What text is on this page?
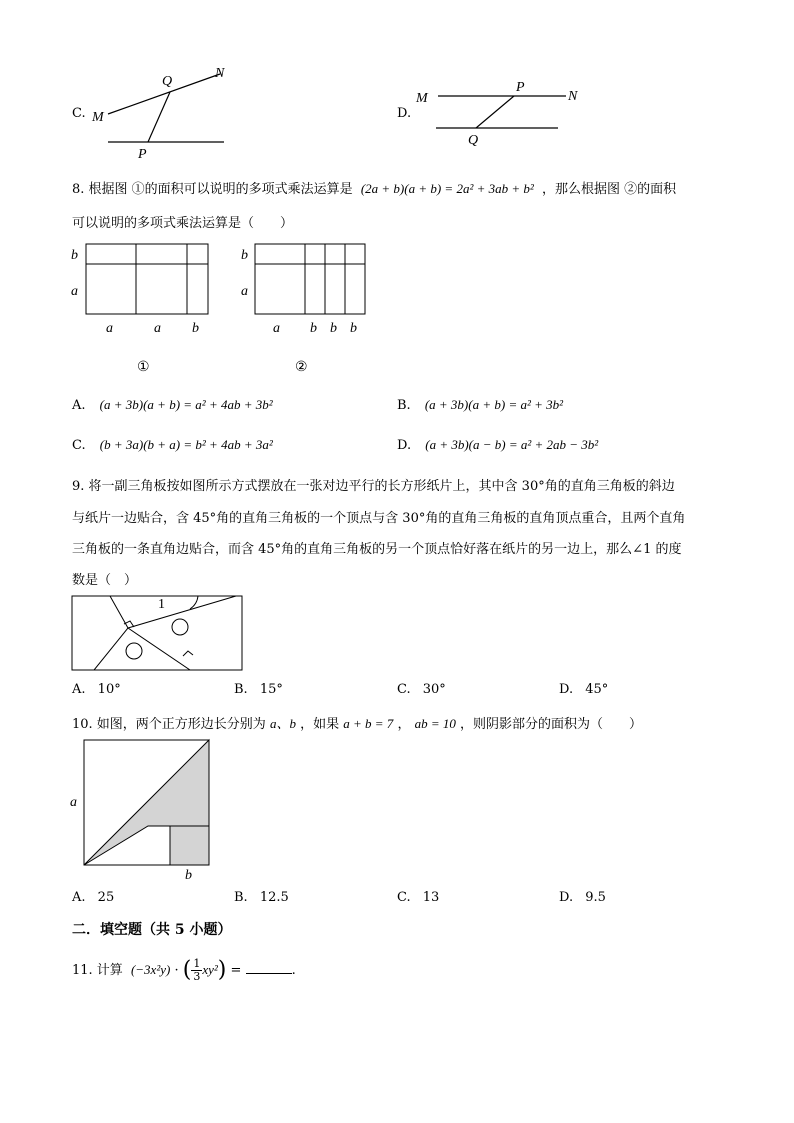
C. M
Q
N
P
D.
M
P
N
Q
8. 根据图 ①的面积可以说明的多项式乘法运算是 (2a + b)(a + b) = 2a² + 3ab + b² ，那么根据图 ②的面积
可以说明的多项式乘法运算是（　　）
b
a
a	a b
①
b
a
a b b b
②
A. (a + 3b)(a + b) = a² + 4ab + 3b²	B. (a + 3b)(a + b) = a² + 3b²
C. (b + 3a)(b + a) = b² + 4ab + 3a²	D. (a + 3b)(a − b) = a² + 2ab − 3b²
9. 将一副三角板按如图所示方式摆放在一张对边平行的长方形纸片上，其中含 30°角的直角三角板的斜边
与纸片一边贴合，含 45°角的直角三角板的一个顶点与含 30°角的直角三角板的直角顶点重合，且两个直角
三角板的一条直角边贴合，而含 45°角的直角三角板的另一个顶点恰好落在纸片的另一边上，那么∠1 的度
数是（　）
1
A. 10°	B. 15°	C. 30°	D. 45°
10. 如图，两个正方形边长分别为 a、b ，如果 a + b = 7 ， ab = 10 ，则阴影部分的面积为（　　）
a
b
A. 25	B. 12.5	C. 13	D. 9.5
二．填空题（共 5 小题）
11. 计算 (−3x²y) · ( $\frac{1}{3} xy^2$) =	.
